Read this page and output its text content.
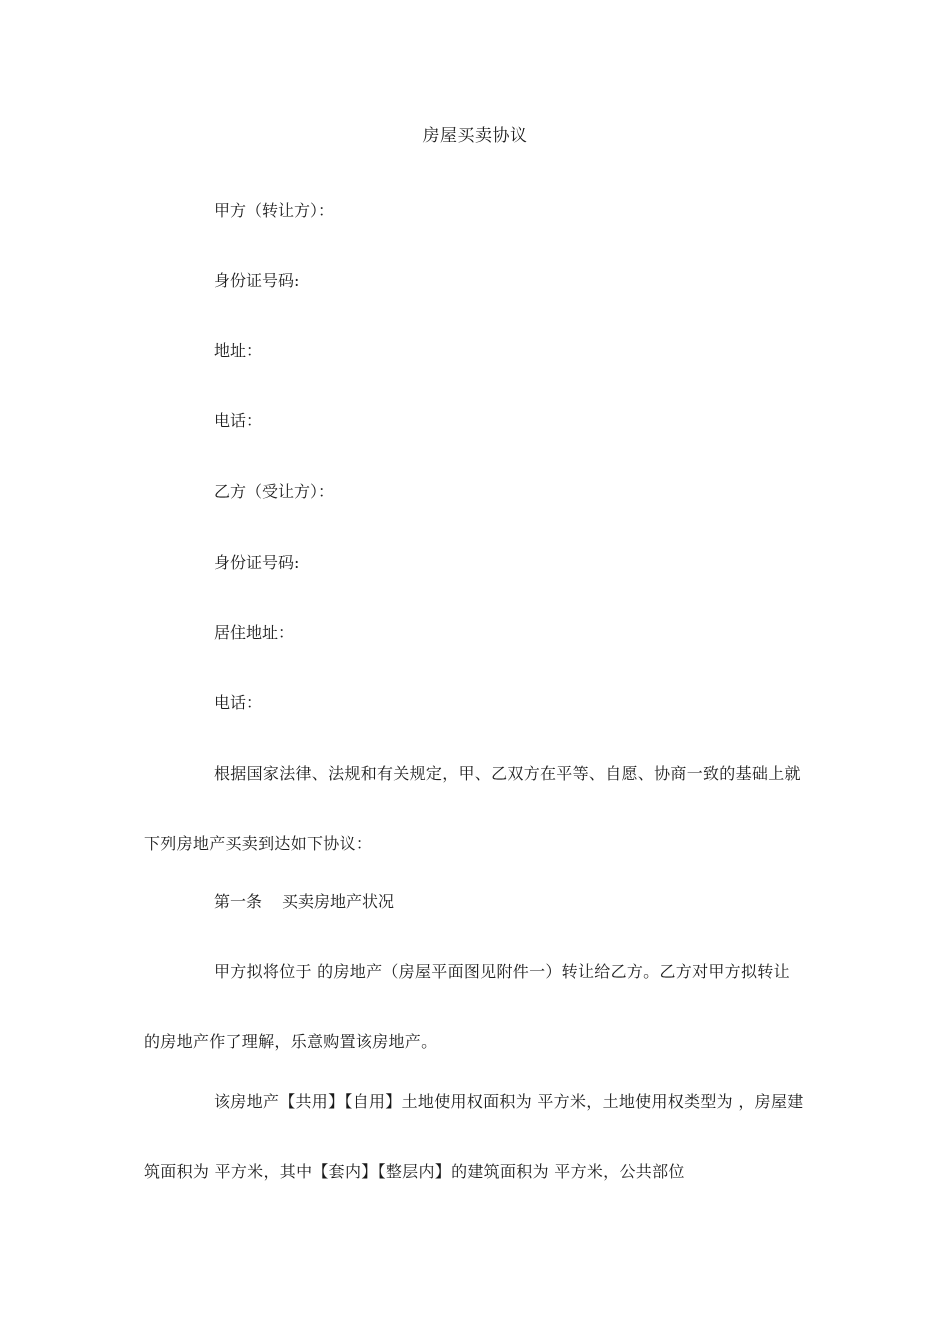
房屋买卖协议
甲方（转让方）：
身份证号码:
地址：
电话：
乙方（受让方）：
身份证号码:
居住地址：
电话：

根据国家法律、法规和有关规定，甲、乙双方在平等、自愿、协商一致的基础上就下列房地产买卖到达如下协议：

第一条 买卖房地产状况

甲方拟将位于 的房地产（房屋平面图见附件一）转让给乙方。乙方对甲方拟转让的房地产作了理解，乐意购置该房地产。

该房地产【共用】【自用】土地使用权面积为 平方米，土地使用权类型为 ，房屋建筑面积为 平方米，其中【套内】【整层内】的建筑面积为 平方米，公共部位
